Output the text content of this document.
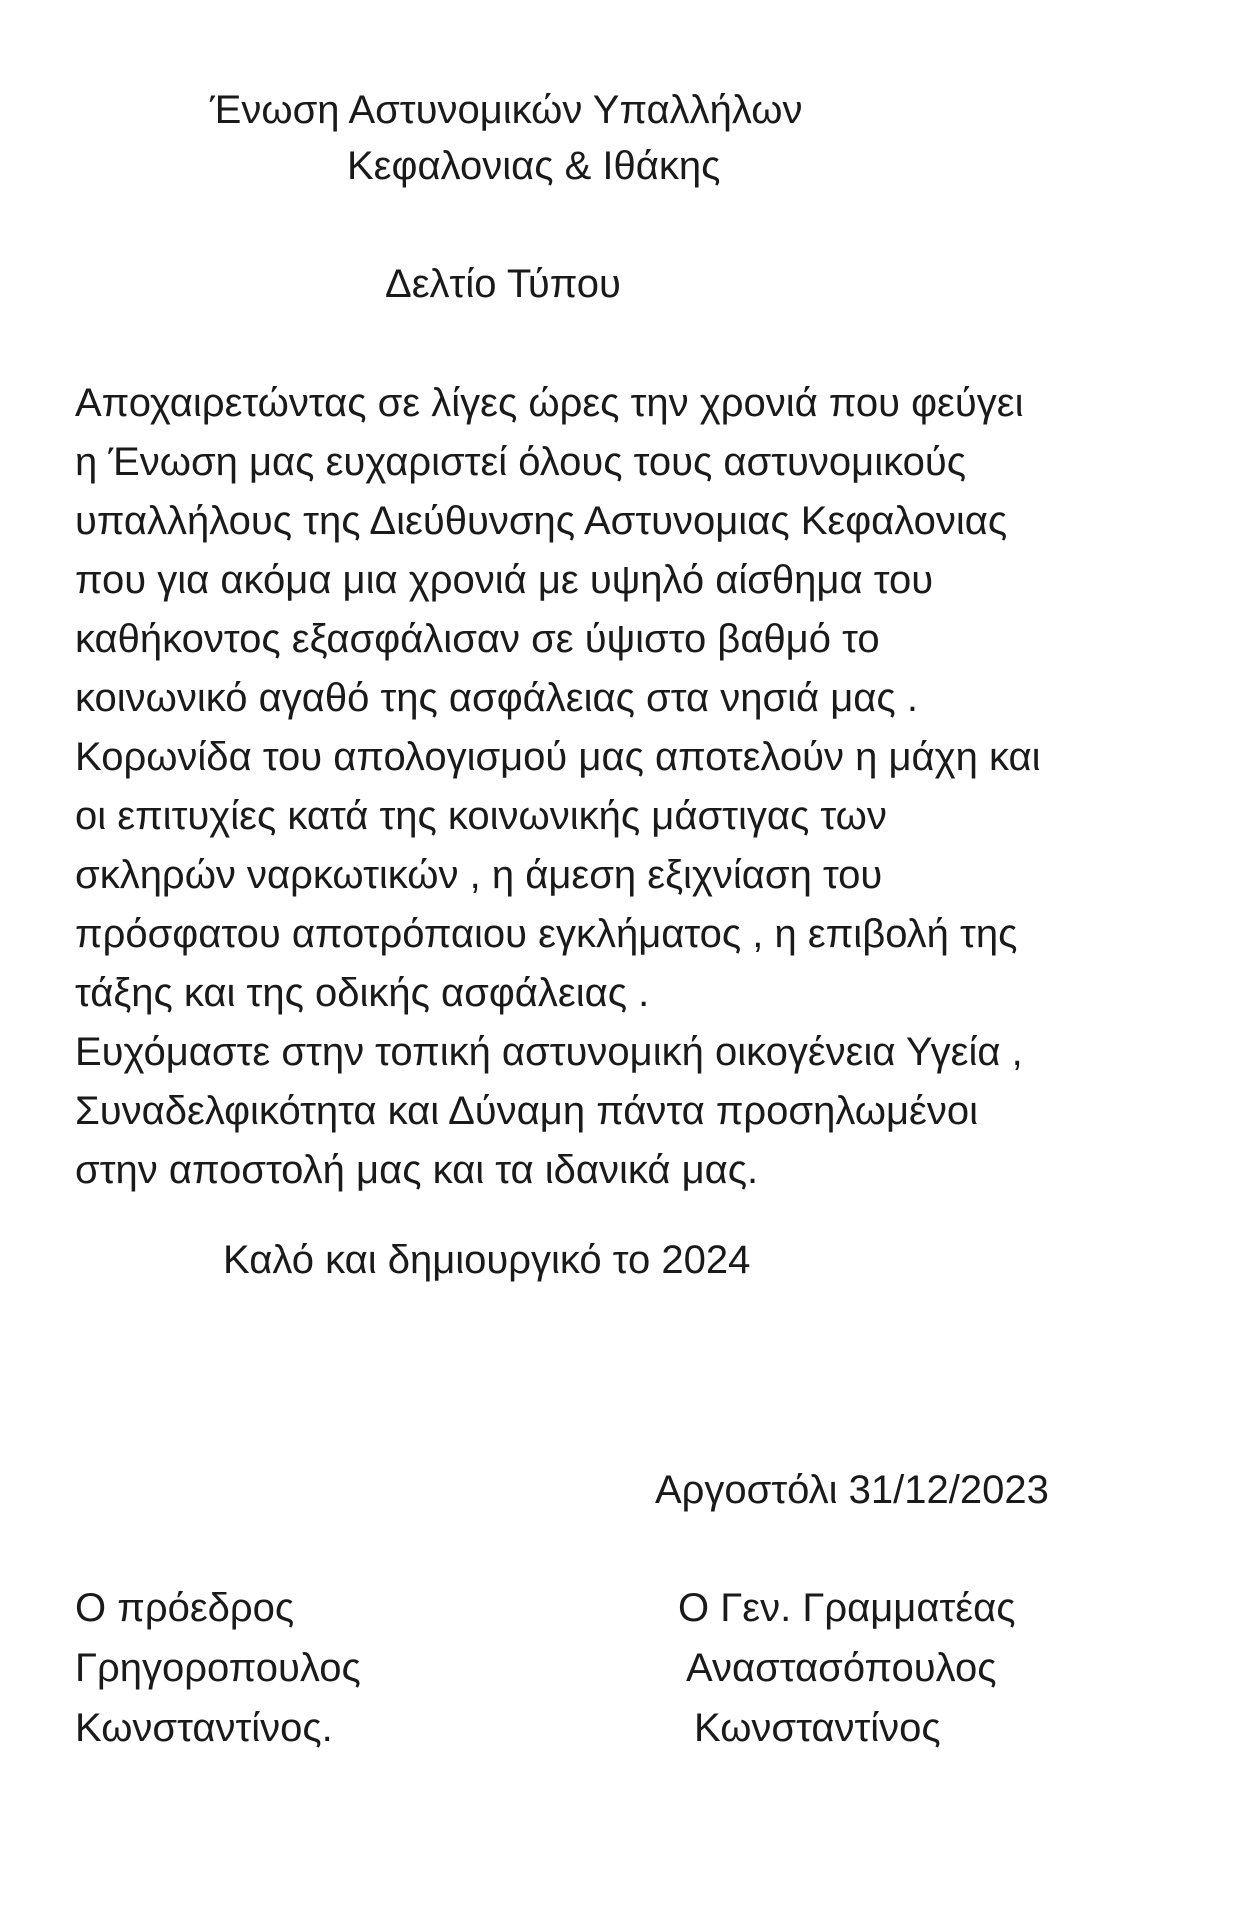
Ένωση Αστυνομικών Υπαλλήλων
Κεφαλονιας & Ιθάκης
Δελτίο Τύπου
Αποχαιρετώντας σε λίγες ώρες την χρονιά που φεύγει
η Ένωση μας ευχαριστεί όλους τους αστυνομικούς
υπαλλήλους της Διεύθυνσης Αστυνομιας Κεφαλονιας
που για ακόμα μια χρονιά με υψηλό αίσθημα του
καθήκοντος εξασφάλισαν σε ύψιστο βαθμό το
κοινωνικό αγαθό της ασφάλειας στα νησιά μας .
Κορωνίδα του απολογισμού μας αποτελούν η μάχη και
οι επιτυχίες κατά της κοινωνικής μάστιγας των
σκληρών ναρκωτικών , η άμεση εξιχνίαση του
πρόσφατου αποτρόπαιου εγκλήματος , η επιβολή της
τάξης και της οδικής ασφάλειας .
Ευχόμαστε στην τοπική αστυνομική οικογένεια Υγεία ,
Συναδελφικότητα και Δύναμη πάντα προσηλωμένοι
στην αποστολή μας και τα ιδανικά μας.
Καλό και δημιουργικό το 2024
Αργοστόλι 31/12/2023
Ο πρόεδρος
Γρηγοροπουλος
Κωνσταντίνος.
Ο Γεν. Γραμματέας
Αναστασόπουλος
Κωνσταντίνος
